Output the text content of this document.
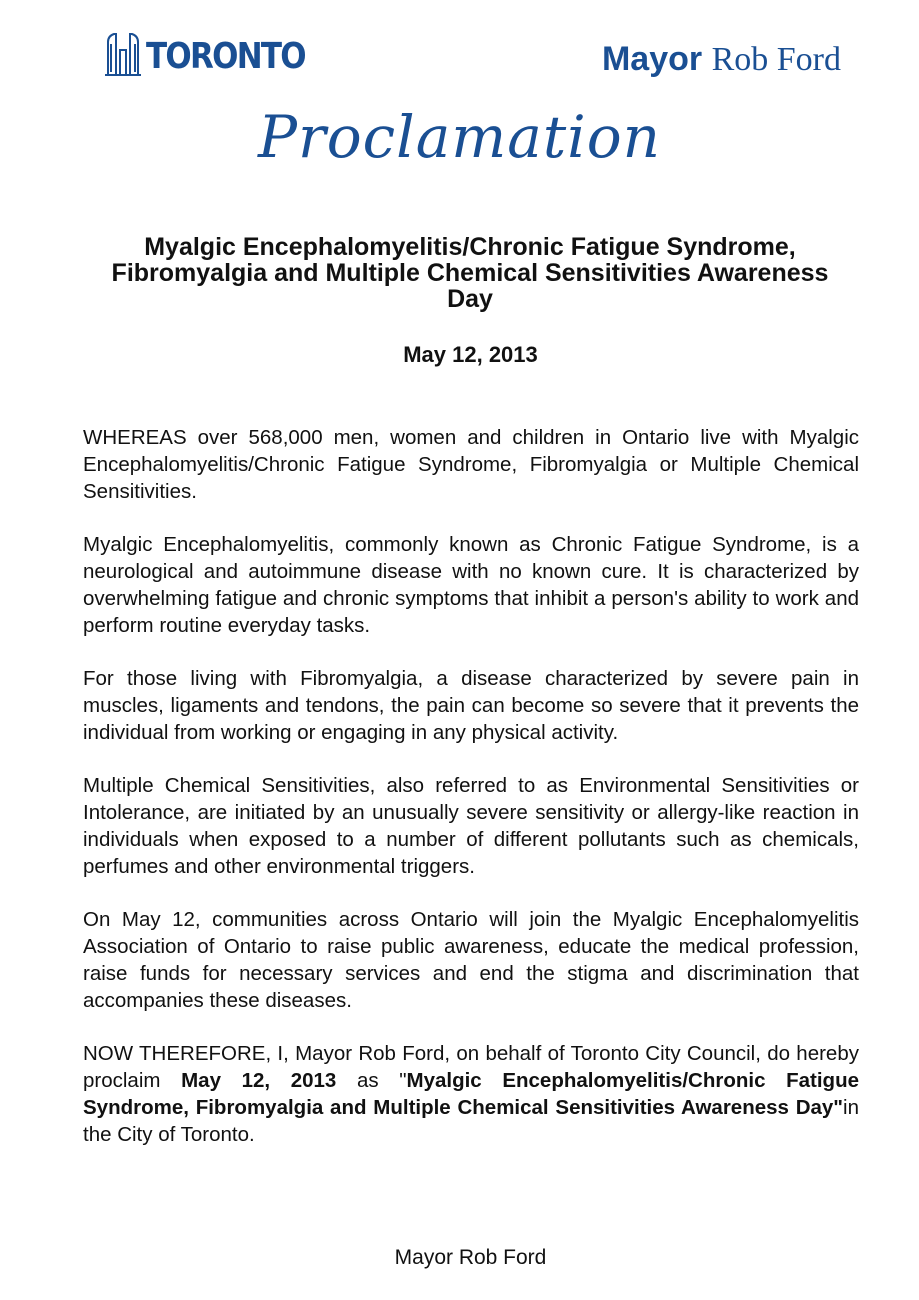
TORONTO	Mayor Rob Ford
Proclamation
Myalgic Encephalomyelitis/Chronic Fatigue Syndrome, Fibromyalgia and Multiple Chemical Sensitivities Awareness Day
May 12, 2013

WHEREAS over 568,000 men, women and children in Ontario live with Myalgic Encephalomyelitis/Chronic Fatigue Syndrome, Fibromyalgia or Multiple Chemical Sensitivities.

Myalgic Encephalomyelitis, commonly known as Chronic Fatigue Syndrome, is a neurological and autoimmune disease with no known cure. It is characterized by overwhelming fatigue and chronic symptoms that inhibit a person's ability to work and perform routine everyday tasks.

For those living with Fibromyalgia, a disease characterized by severe pain in muscles, ligaments and tendons, the pain can become so severe that it prevents the individual from working or engaging in any physical activity.

Multiple Chemical Sensitivities, also referred to as Environmental Sensitivities or Intolerance, are initiated by an unusually severe sensitivity or allergy-like reaction in individuals when exposed to a number of different pollutants such as chemicals, perfumes and other environmental triggers.

On May 12, communities across Ontario will join the Myalgic Encephalomyelitis Association of Ontario to raise public awareness, educate the medical profession, raise funds for necessary services and end the stigma and discrimination that accompanies these diseases.

NOW THEREFORE, I, Mayor Rob Ford, on behalf of Toronto City Council, do hereby proclaim May 12, 2013 as "Myalgic Encephalomyelitis/Chronic Fatigue Syndrome, Fibromyalgia and Multiple Chemical Sensitivities Awareness Day"in the City of Toronto.

Mayor Rob Ford
